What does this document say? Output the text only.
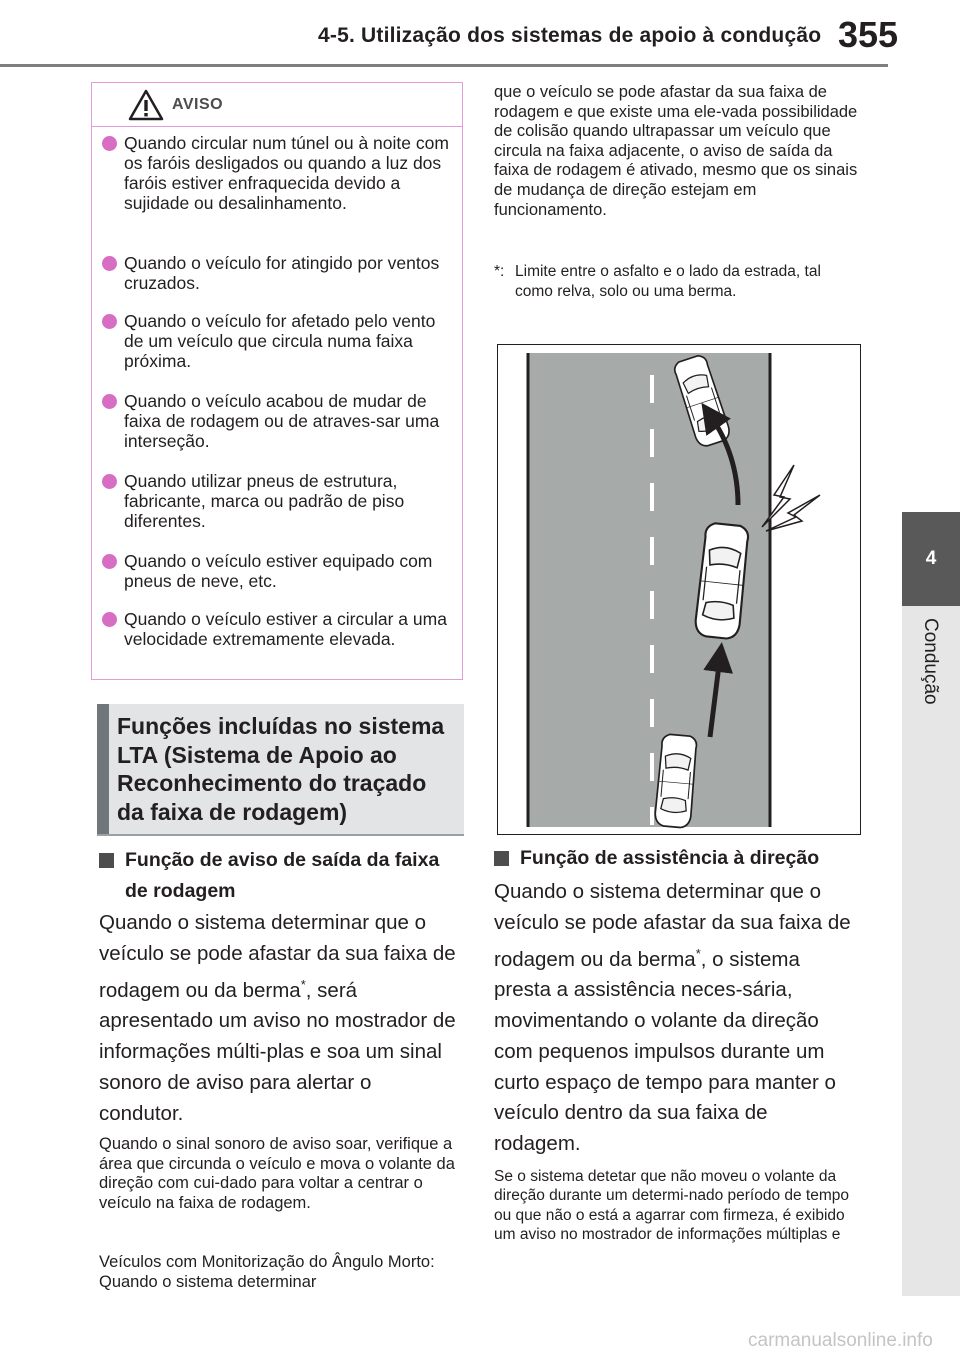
4-5. Utilização dos sistemas de apoio à condução 355
4
Condução
AVISO
Quando circular num túnel ou à noite com os faróis desligados ou quando a luz dos faróis estiver enfraquecida devido a sujidade ou desalinhamento.
Quando o veículo for atingido por ventos cruzados.
Quando o veículo for afetado pelo vento de um veículo que circula numa faixa próxima.
Quando o veículo acabou de mudar de faixa de rodagem ou de atraves-sar uma interseção.
Quando utilizar pneus de estrutura, fabricante, marca ou padrão de piso diferentes.
Quando o veículo estiver equipado com pneus de neve, etc.
Quando o veículo estiver a circular a uma velocidade extremamente elevada.
Funções incluídas no sistema LTA (Sistema de Apoio ao Reconhecimento do traçado da faixa de rodagem)
Função de aviso de saída da faixa de rodagem
Quando o sistema determinar que o veículo se pode afastar da sua faixa de rodagem ou da berma*, será apresentado um aviso no mostrador de informações múlti-plas e soa um sinal sonoro de aviso para alertar o condutor.
Quando o sinal sonoro de aviso soar, verifique a área que circunda o veículo e mova o volante da direção com cui-dado para voltar a centrar o veículo na faixa de rodagem.
Veículos com Monitorização do Ângulo Morto: Quando o sistema determinar
que o veículo se pode afastar da sua faixa de rodagem e que existe uma ele-vada possibilidade de colisão quando ultrapassar um veículo que circula na faixa adjacente, o aviso de saída da faixa de rodagem é ativado, mesmo que os sinais de mudança de direção estejam em funcionamento.
*: Limite entre o asfalto e o lado da estrada, tal como relva, solo ou uma berma.
Função de assistência à direção
Quando o sistema determinar que o veículo se pode afastar da sua faixa de rodagem ou da berma*, o sistema presta a assistência neces-sária, movimentando o volante da direção com pequenos impulsos durante um curto espaço de tempo para manter o veículo dentro da sua faixa de rodagem.
Se o sistema detetar que não moveu o volante da direção durante um determi-nado período de tempo ou que não o está a agarrar com firmeza, é exibido um aviso no mostrador de informações múltiplas e
carmanualsonline.info
